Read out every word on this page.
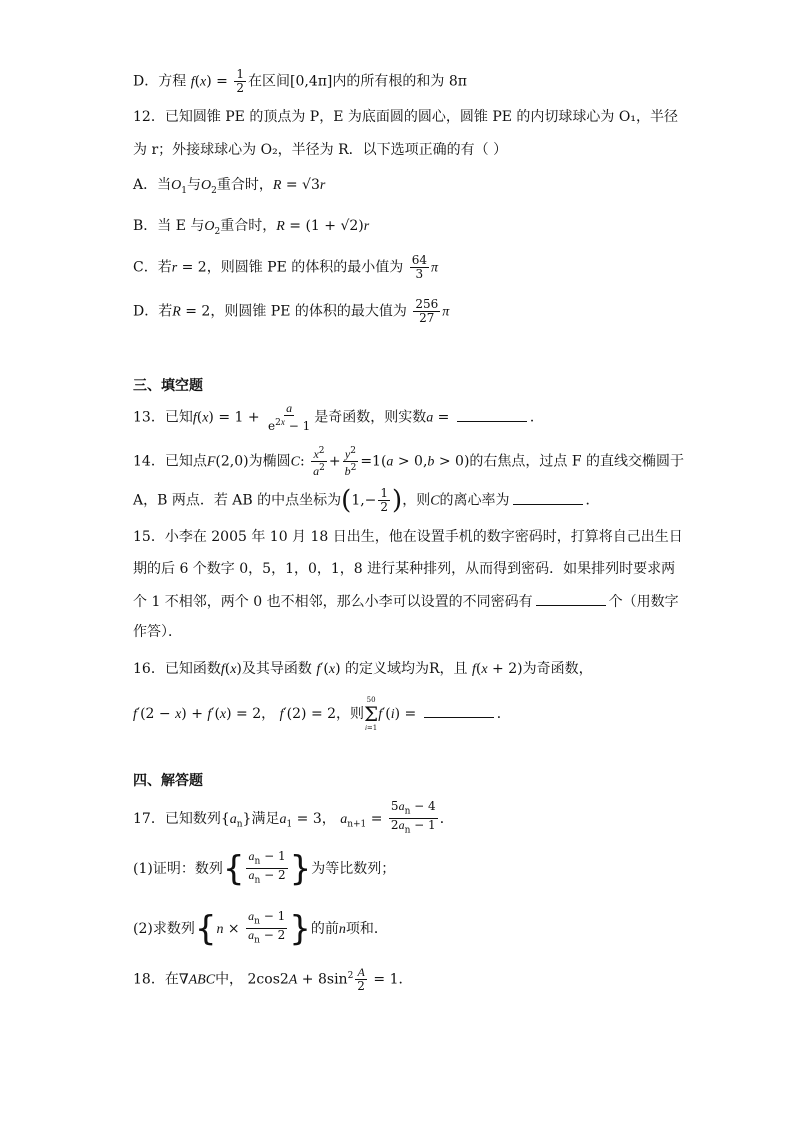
D．方程 $f(x) = \frac{1}{2}$ 在区间[0,4π]内的所有根的和为 8π
12．已知圆锥 PE 的顶点为 P，E 为底面圆的圆心，圆锥 PE 的内切球球心为 O₁，半径
为 r；外接球球心为 O₂，半径为 R．以下选项正确的有（ ）
A．当$O_1$与$O_2$重合时，R = √3r
B．当 E 与$O_2$重合时，R = (1 + √2)r
C．若r = 2，则圆锥 PE 的体积的最小值为 $\frac{64}{3}$ π
D．若R = 2，则圆锥 PE 的体积的最大值为 $\frac{256}{27}$ π
三、填空题
13．已知$f(x) = 1 + \frac{a}{e^{2x} - 1}$ 是奇函数，则实数a =	．
14．已知点F(2,0)为椭圆C: $\frac{x^2}{a^2} + \frac{y^2}{b^2} =1(a > 0,b > 0)$的右焦点，过点 F 的直线交椭圆于
A，B 两点．若 AB 的中点坐标为($1,- \frac{1}{2}$ )，则C的离心率为	．
15．小李在 2005 年 10 月 18 日出生，他在设置手机的数字密码时，打算将自己出生日
期的后 6 个数字 0，5，1，0，1，8 进行某种排列，从而得到密码．如果排列时要求两
个 1 不相邻，两个 0 也不相邻，那么小李可以设置的不同密码有	个（用数字
作答）．
16．已知函数f(x)及其导函数 f′(x) 的定义域均为R，且 f(x + 2)为奇函数，
f′(2 − x) + f′(x) = 2， f′(2) = 2，则
50
Σ
i=1
f′(i) =	．
四、解答题
17．已知数列$\{a_n\}$满足$a_1 = 3$， $a_{n+1} = \frac{5a_n - 4}{2a_n - 1}$ ．
(1)证明：数列{ $\frac{a_n - 1}{a_n - 2}$ }为等比数列；
(2)求数列{$n \times \frac{a_n - 1}{a_n - 2}$ }的前n项和．
18．在∇ABC中， $2\cos 2A + 8\sin^2 \frac{A}{2} = 1$．
